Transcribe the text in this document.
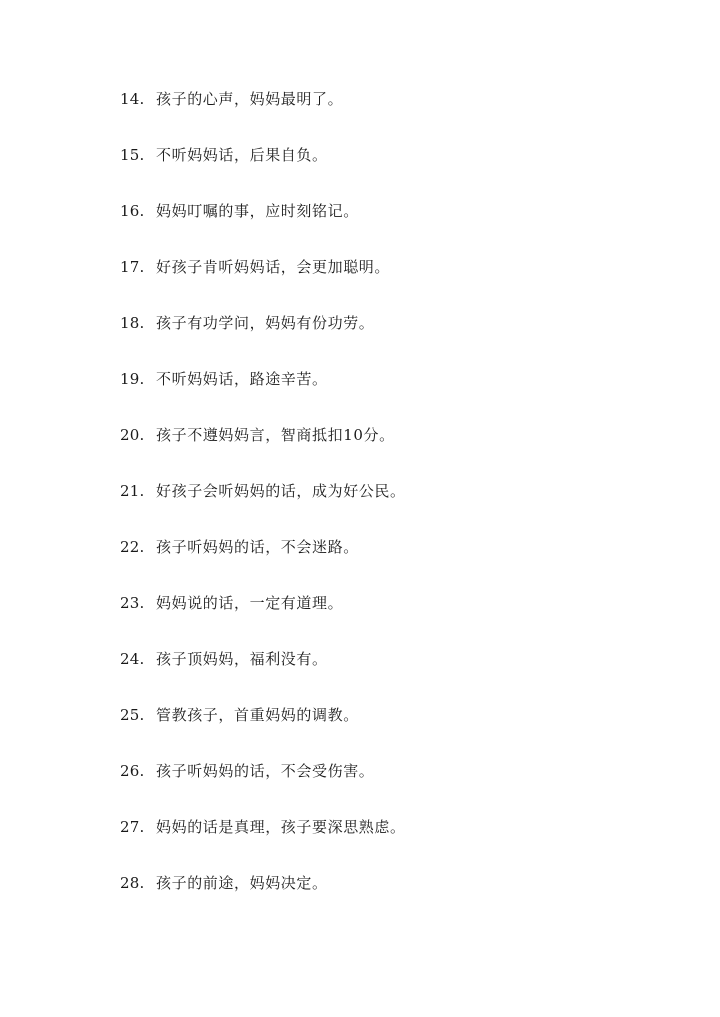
14. 孩子的心声，妈妈最明了。
15. 不听妈妈话，后果自负。
16. 妈妈叮嘱的事，应时刻铭记。
17. 好孩子肯听妈妈话，会更加聪明。
18. 孩子有功学问，妈妈有份功劳。
19. 不听妈妈话，路途辛苦。
20. 孩子不遵妈妈言，智商抵扣10分。
21. 好孩子会听妈妈的话，成为好公民。
22. 孩子听妈妈的话，不会迷路。
23. 妈妈说的话，一定有道理。
24. 孩子顶妈妈，福利没有。
25. 管教孩子，首重妈妈的调教。
26. 孩子听妈妈的话，不会受伤害。
27. 妈妈的话是真理，孩子要深思熟虑。
28. 孩子的前途，妈妈决定。
